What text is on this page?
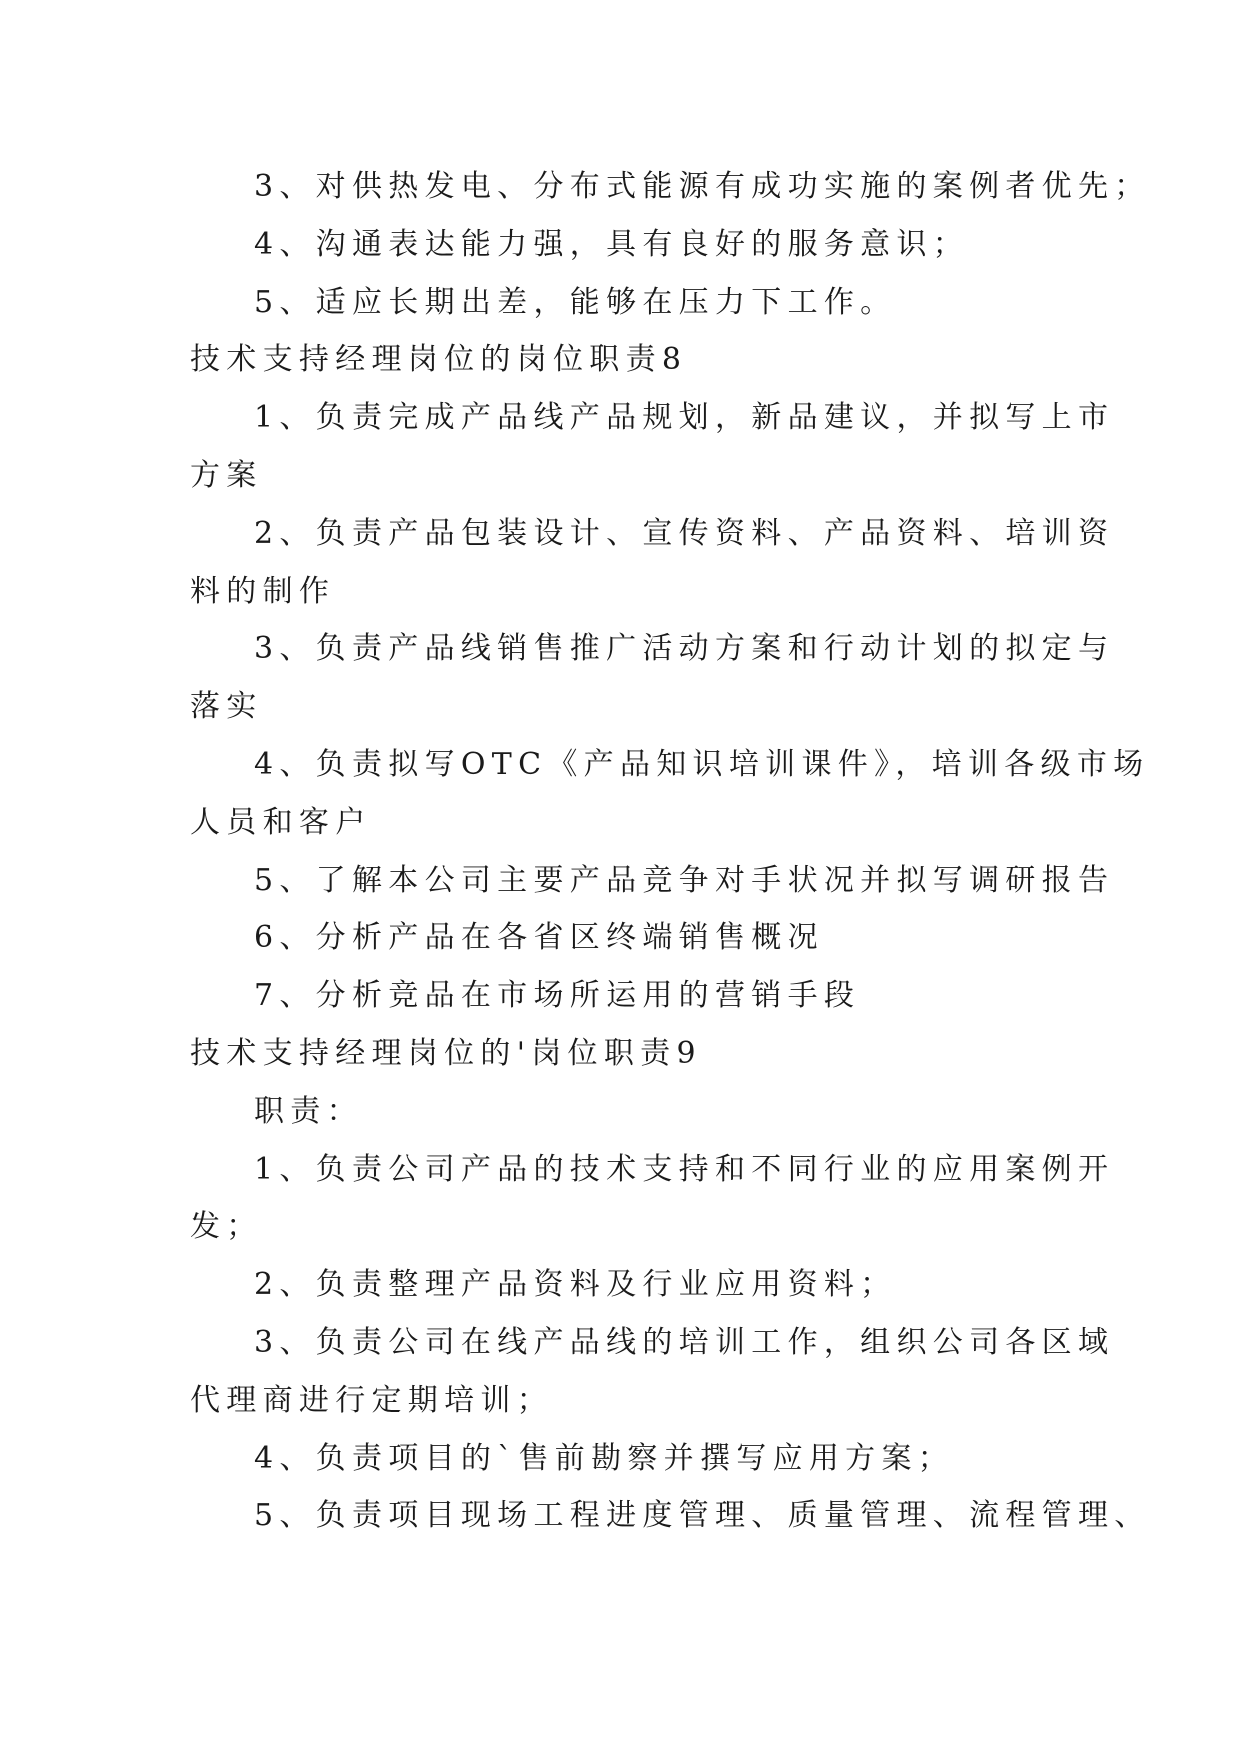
3、对供热发电、分布式能源有成功实施的案例者优先；
4、沟通表达能力强，具有良好的服务意识；
5、适应长期出差，能够在压力下工作。
技术支持经理岗位的岗位职责8
1、负责完成产品线产品规划，新品建议，并拟写上市
方案
2、负责产品包装设计、宣传资料、产品资料、培训资
料的制作
3、负责产品线销售推广活动方案和行动计划的拟定与
落实
4、负责拟写OTC《产品知识培训课件》，培训各级市场
人员和客户
5、了解本公司主要产品竞争对手状况并拟写调研报告
6、分析产品在各省区终端销售概况
7、分析竞品在市场所运用的营销手段
技术支持经理岗位的'岗位职责9
职责：
1、负责公司产品的技术支持和不同行业的应用案例开
发；
2、负责整理产品资料及行业应用资料；
3、负责公司在线产品线的培训工作，组织公司各区域
代理商进行定期培训；
4、负责项目的`售前勘察并撰写应用方案；
5、负责项目现场工程进度管理、质量管理、流程管理、
